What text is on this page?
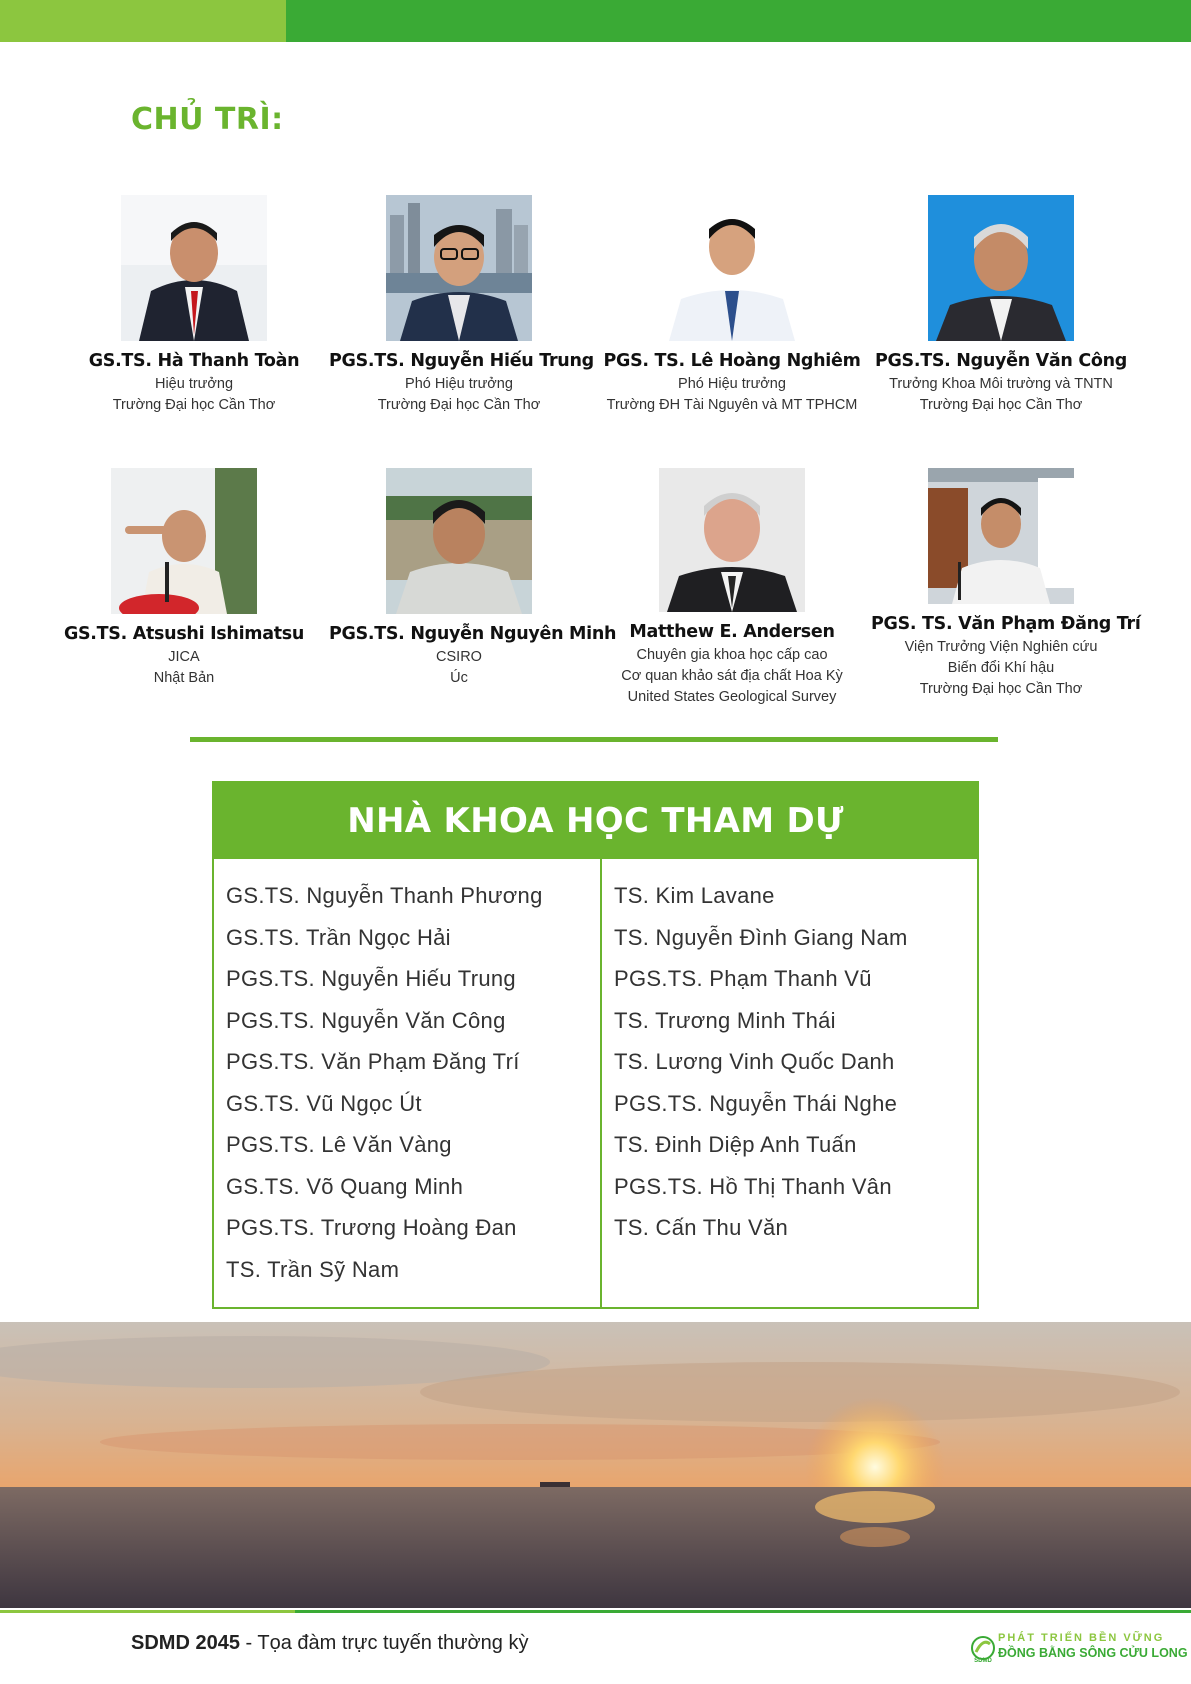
CHỦ TRÌ:
GS.TS. Hà Thanh Toàn
Hiệu trưởng
Trường Đại học Cần Thơ
PGS.TS. Nguyễn Hiếu Trung
Phó Hiệu trưởng
Trường Đại học Cần Thơ
PGS. TS. Lê Hoàng Nghiêm
Phó Hiệu trưởng
Trường ĐH Tài Nguyên và MT TPHCM
PGS.TS. Nguyễn Văn Công
Trưởng Khoa Môi trường và TNTN
Trường Đại học Cần Thơ
GS.TS. Atsushi Ishimatsu
JICA
Nhật Bản
PGS.TS. Nguyễn Nguyên Minh
CSIRO
Úc
Matthew E. Andersen
Chuyên gia khoa học cấp cao
Cơ quan khảo sát địa chất Hoa Kỳ
United States Geological Survey
PGS. TS. Văn Phạm Đăng Trí
Viện Trưởng Viện Nghiên cứu
Biến đổi Khí hậu
Trường Đại học Cần Thơ
NHÀ KHOA HỌC THAM DỰ
GS.TS. Nguyễn Thanh Phương
GS.TS. Trần Ngọc Hải
PGS.TS. Nguyễn Hiếu Trung
PGS.TS. Nguyễn Văn Công
PGS.TS. Văn Phạm Đăng Trí
GS.TS. Vũ Ngọc Út
PGS.TS. Lê Văn Vàng
GS.TS. Võ Quang Minh
PGS.TS. Trương Hoàng Đan
TS. Trần Sỹ Nam
TS. Kim Lavane
TS. Nguyễn Đình Giang Nam
PGS.TS. Phạm Thanh Vũ
TS. Trương Minh Thái
TS. Lương Vinh Quốc Danh
PGS.TS. Nguyễn Thái Nghe
TS. Đinh Diệp Anh Tuấn
PGS.TS. Hồ Thị Thanh Vân
TS. Cấn Thu Văn
SDMD 2045 - Tọa đàm trực tuyến thường kỳ
SDMD
PHÁT TRIỂN BỀN VỮNG
ĐỒNG BẰNG SÔNG CỬU LONG
